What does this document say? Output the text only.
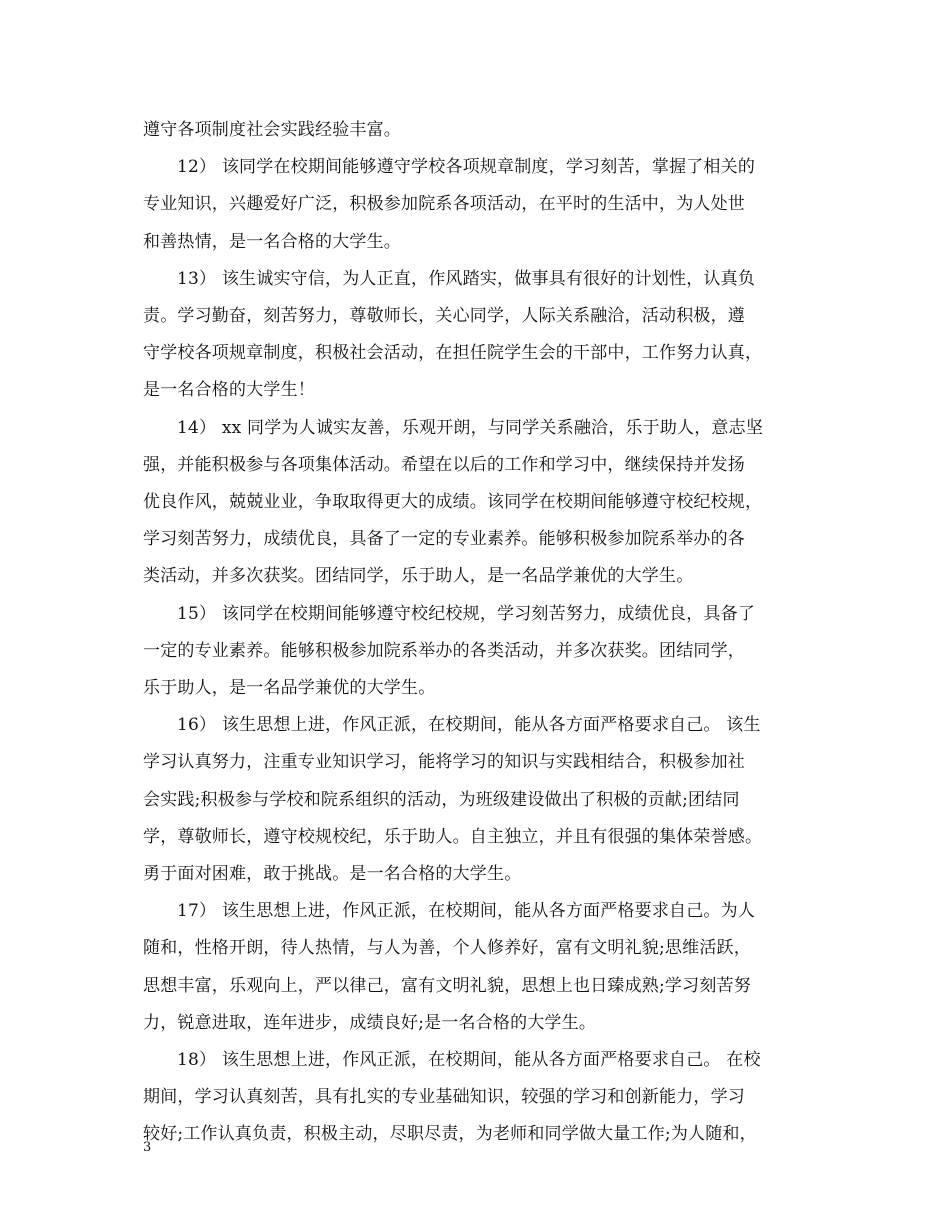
遵守各项制度社会实践经验丰富。
12） 该同学在校期间能够遵守学校各项规章制度，学习刻苦，掌握了相关的
专业知识，兴趣爱好广泛，积极参加院系各项活动，在平时的生活中，为人处世
和善热情，是一名合格的大学生。
13） 该生诚实守信，为人正直，作风踏实，做事具有很好的计划性，认真负
责。学习勤奋，刻苦努力，尊敬师长，关心同学，人际关系融洽，活动积极，遵
守学校各项规章制度，积极社会活动，在担任院学生会的干部中，工作努力认真，
是一名合格的大学生！
14） xx 同学为人诚实友善，乐观开朗，与同学关系融洽，乐于助人，意志坚
强，并能积极参与各项集体活动。希望在以后的工作和学习中，继续保持并发扬
优良作风，兢兢业业，争取取得更大的成绩。该同学在校期间能够遵守校纪校规，
学习刻苦努力，成绩优良，具备了一定的专业素养。能够积极参加院系举办的各
类活动，并多次获奖。团结同学，乐于助人，是一名品学兼优的大学生。
15） 该同学在校期间能够遵守校纪校规，学习刻苦努力，成绩优良，具备了
一定的专业素养。能够积极参加院系举办的各类活动，并多次获奖。团结同学，
乐于助人，是一名品学兼优的大学生。
16） 该生思想上进，作风正派，在校期间，能从各方面严格要求自己。 该生
学习认真努力，注重专业知识学习，能将学习的知识与实践相结合，积极参加社
会实践;积极参与学校和院系组织的活动，为班级建设做出了积极的贡献;团结同
学，尊敬师长，遵守校规校纪，乐于助人。自主独立，并且有很强的集体荣誉感。
勇于面对困难，敢于挑战。是一名合格的大学生。
17） 该生思想上进，作风正派，在校期间，能从各方面严格要求自己。为人
随和，性格开朗，待人热情，与人为善，个人修养好，富有文明礼貌;思维活跃，
思想丰富，乐观向上，严以律己，富有文明礼貌，思想上也日臻成熟;学习刻苦努
力，锐意进取，连年进步，成绩良好;是一名合格的大学生。
18） 该生思想上进，作风正派，在校期间，能从各方面严格要求自己。 在校
期间，学习认真刻苦，具有扎实的专业基础知识，较强的学习和创新能力，学习
较好;工作认真负责，积极主动，尽职尽责，为老师和同学做大量工作;为人随和，
3
